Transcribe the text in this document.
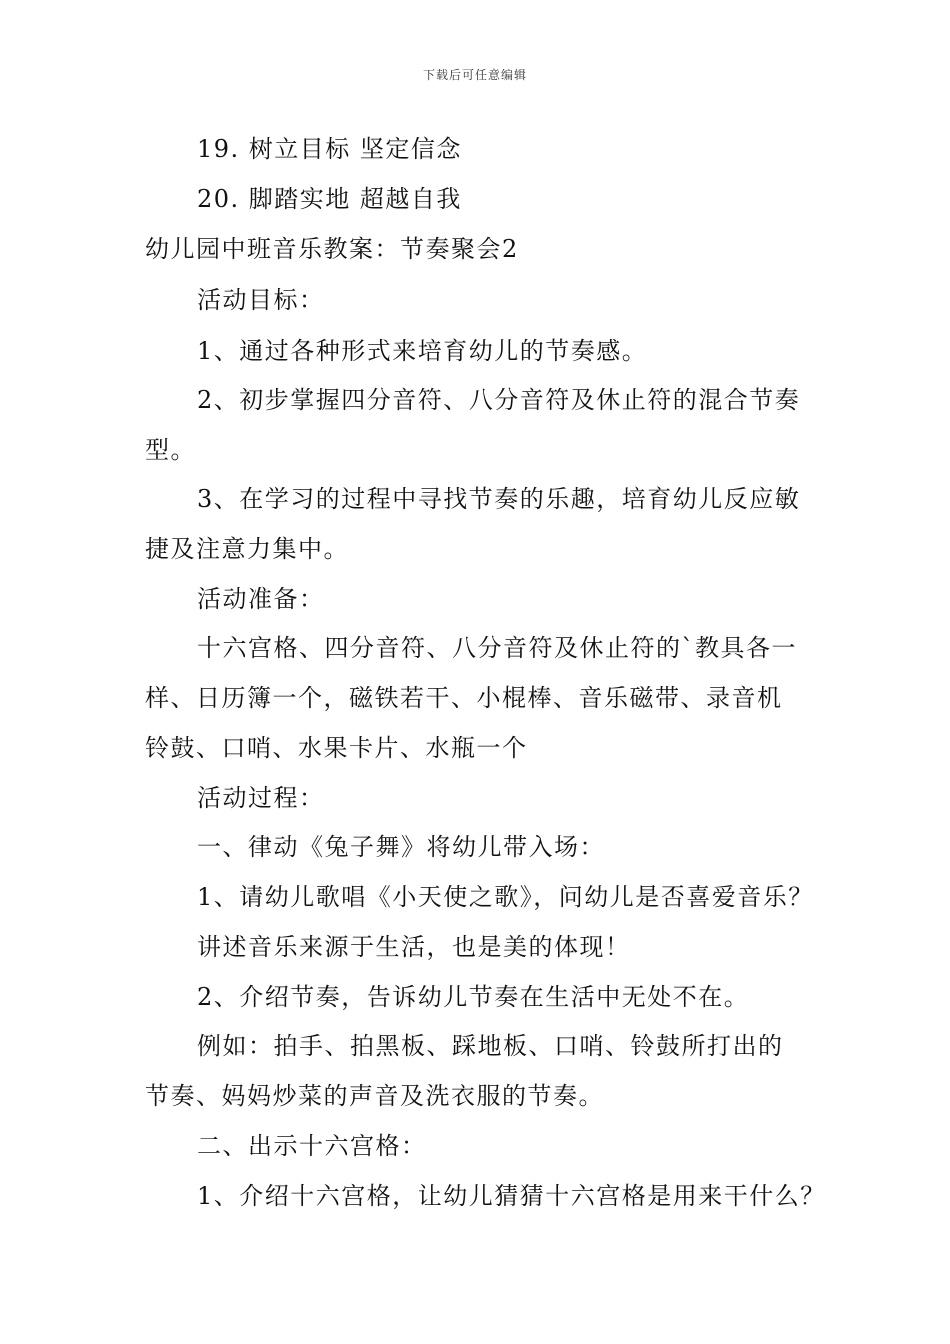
下载后可任意编辑
19. 树立目标 坚定信念
20. 脚踏实地 超越自我
幼儿园中班音乐教案：节奏聚会2
活动目标：
1、通过各种形式来培育幼儿的节奏感。
2、初步掌握四分音符、八分音符及休止符的混合节奏
型。
3、在学习的过程中寻找节奏的乐趣，培育幼儿反应敏
捷及注意力集中。
活动准备：
十六宫格、四分音符、八分音符及休止符的`教具各一
样、日历簿一个，磁铁若干、小棍棒、音乐磁带、录音机
铃鼓、口哨、水果卡片、水瓶一个
活动过程：
一、律动《兔子舞》将幼儿带入场：
1、请幼儿歌唱《小天使之歌》，问幼儿是否喜爱音乐？
讲述音乐来源于生活，也是美的体现！
2、介绍节奏，告诉幼儿节奏在生活中无处不在。
例如：拍手、拍黑板、踩地板、口哨、铃鼓所打出的
节奏、妈妈炒菜的声音及洗衣服的节奏。
二、出示十六宫格：
1、介绍十六宫格，让幼儿猜猜十六宫格是用来干什么？
